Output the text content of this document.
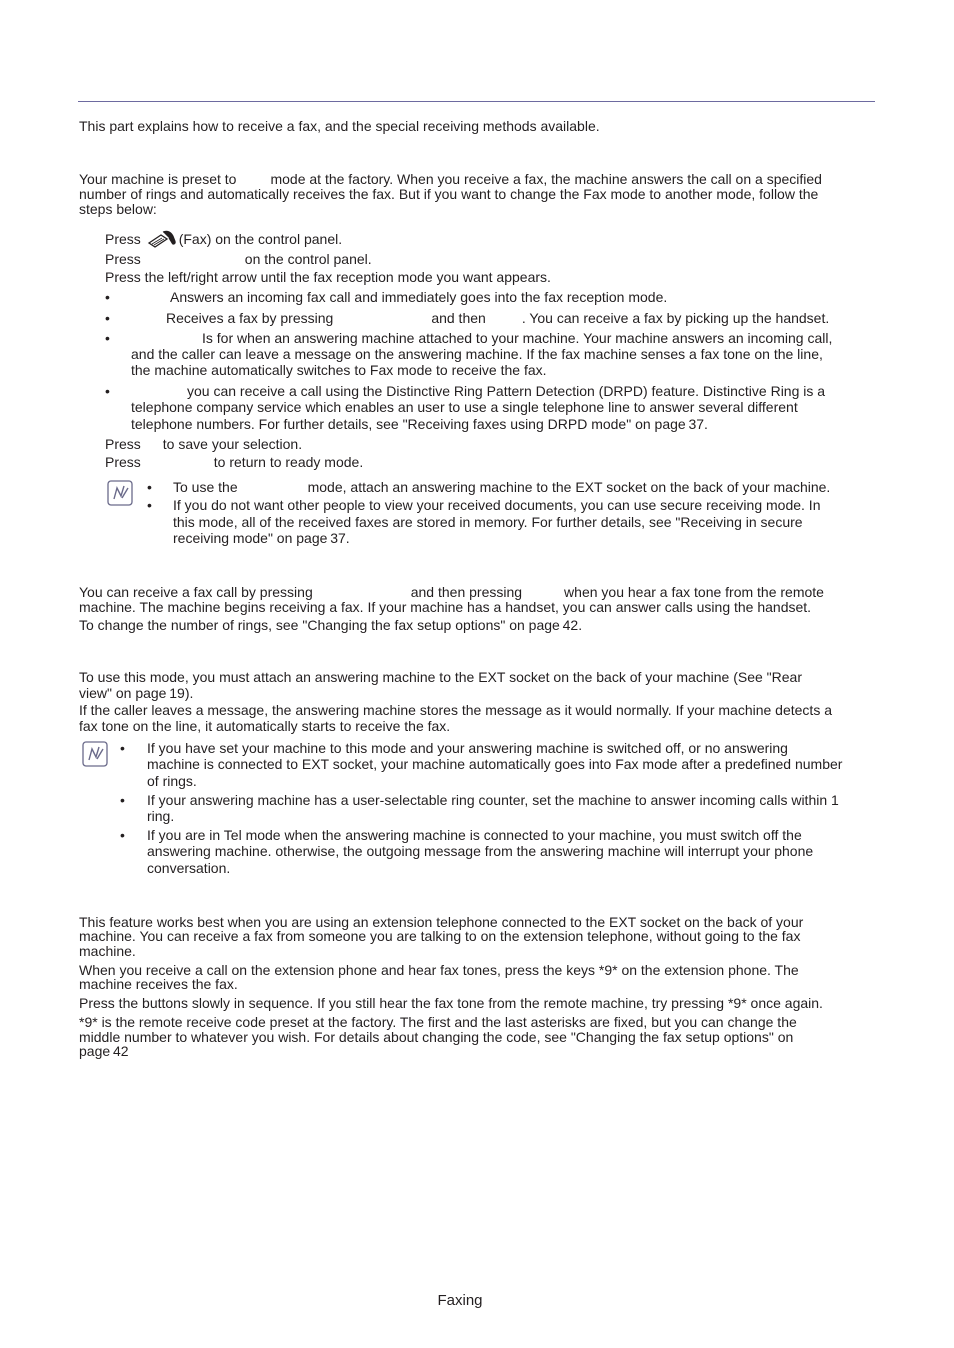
This part explains how to receive a fax, and the special receiving methods available.
Your machine is preset to mode at the factory. When you receive a fax, the machine answers the call on a specified
number of rings and automatically receives the fax. But if you want to change the Fax mode to another mode, follow the
steps below:
Press	(Fax) on the control panel.
Press	on the control panel.
Press the left/right arrow until the fax reception mode you want appears.
•	Answers an incoming fax call and immediately goes into the fax reception mode.
•	Receives a fax by pressing	and then	. You can receive a fax by picking up the handset.
•	Is for when an answering machine attached to your machine. Your machine answers an incoming call,
and the caller can leave a message on the answering machine. If the fax machine senses a fax tone on the line,
the machine automatically switches to Fax mode to receive the fax.
•	you can receive a call using the Distinctive Ring Pattern Detection (DRPD) feature. Distinctive Ring is a
telephone company service which enables an user to use a single telephone line to answer several different
telephone numbers. For further details, see "Receiving faxes using DRPD mode" on page 37.
Press to save your selection.
Press	to return to ready mode.
• To use the	mode, attach an answering machine to the EXT socket on the back of your machine.
• If you do not want other people to view your received documents, you can use secure receiving mode. In
this mode, all of the received faxes are stored in memory. For further details, see "Receiving in secure
receiving mode" on page 37.
You can receive a fax call by pressing	and then pressing	when you hear a fax tone from the remote
machine. The machine begins receiving a fax. If your machine has a handset, you can answer calls using the handset.
To change the number of rings, see "Changing the fax setup options" on page 42.
To use this mode, you must attach an answering machine to the EXT socket on the back of your machine (See "Rear
view" on page 19).
If the caller leaves a message, the answering machine stores the message as it would normally. If your machine detects a
fax tone on the line, it automatically starts to receive the fax.
• If you have set your machine to this mode and your answering machine is switched off, or no answering
machine is connected to EXT socket, your machine automatically goes into Fax mode after a predefined number
of rings.
• If your answering machine has a user-selectable ring counter, set the machine to answer incoming calls within 1
ring.
• If you are in Tel mode when the answering machine is connected to your machine, you must switch off the
answering machine. otherwise, the outgoing message from the answering machine will interrupt your phone
conversation.
This feature works best when you are using an extension telephone connected to the EXT socket on the back of your
machine. You can receive a fax from someone you are talking to on the extension telephone, without going to the fax
machine.
When you receive a call on the extension phone and hear fax tones, press the keys *9* on the extension phone. The
machine receives the fax.
Press the buttons slowly in sequence. If you still hear the fax tone from the remote machine, try pressing *9* once again.
*9* is the remote receive code preset at the factory. The first and the last asterisks are fixed, but you can change the
middle number to whatever you wish. For details about changing the code, see "Changing the fax setup options" on
page 42
Faxing
